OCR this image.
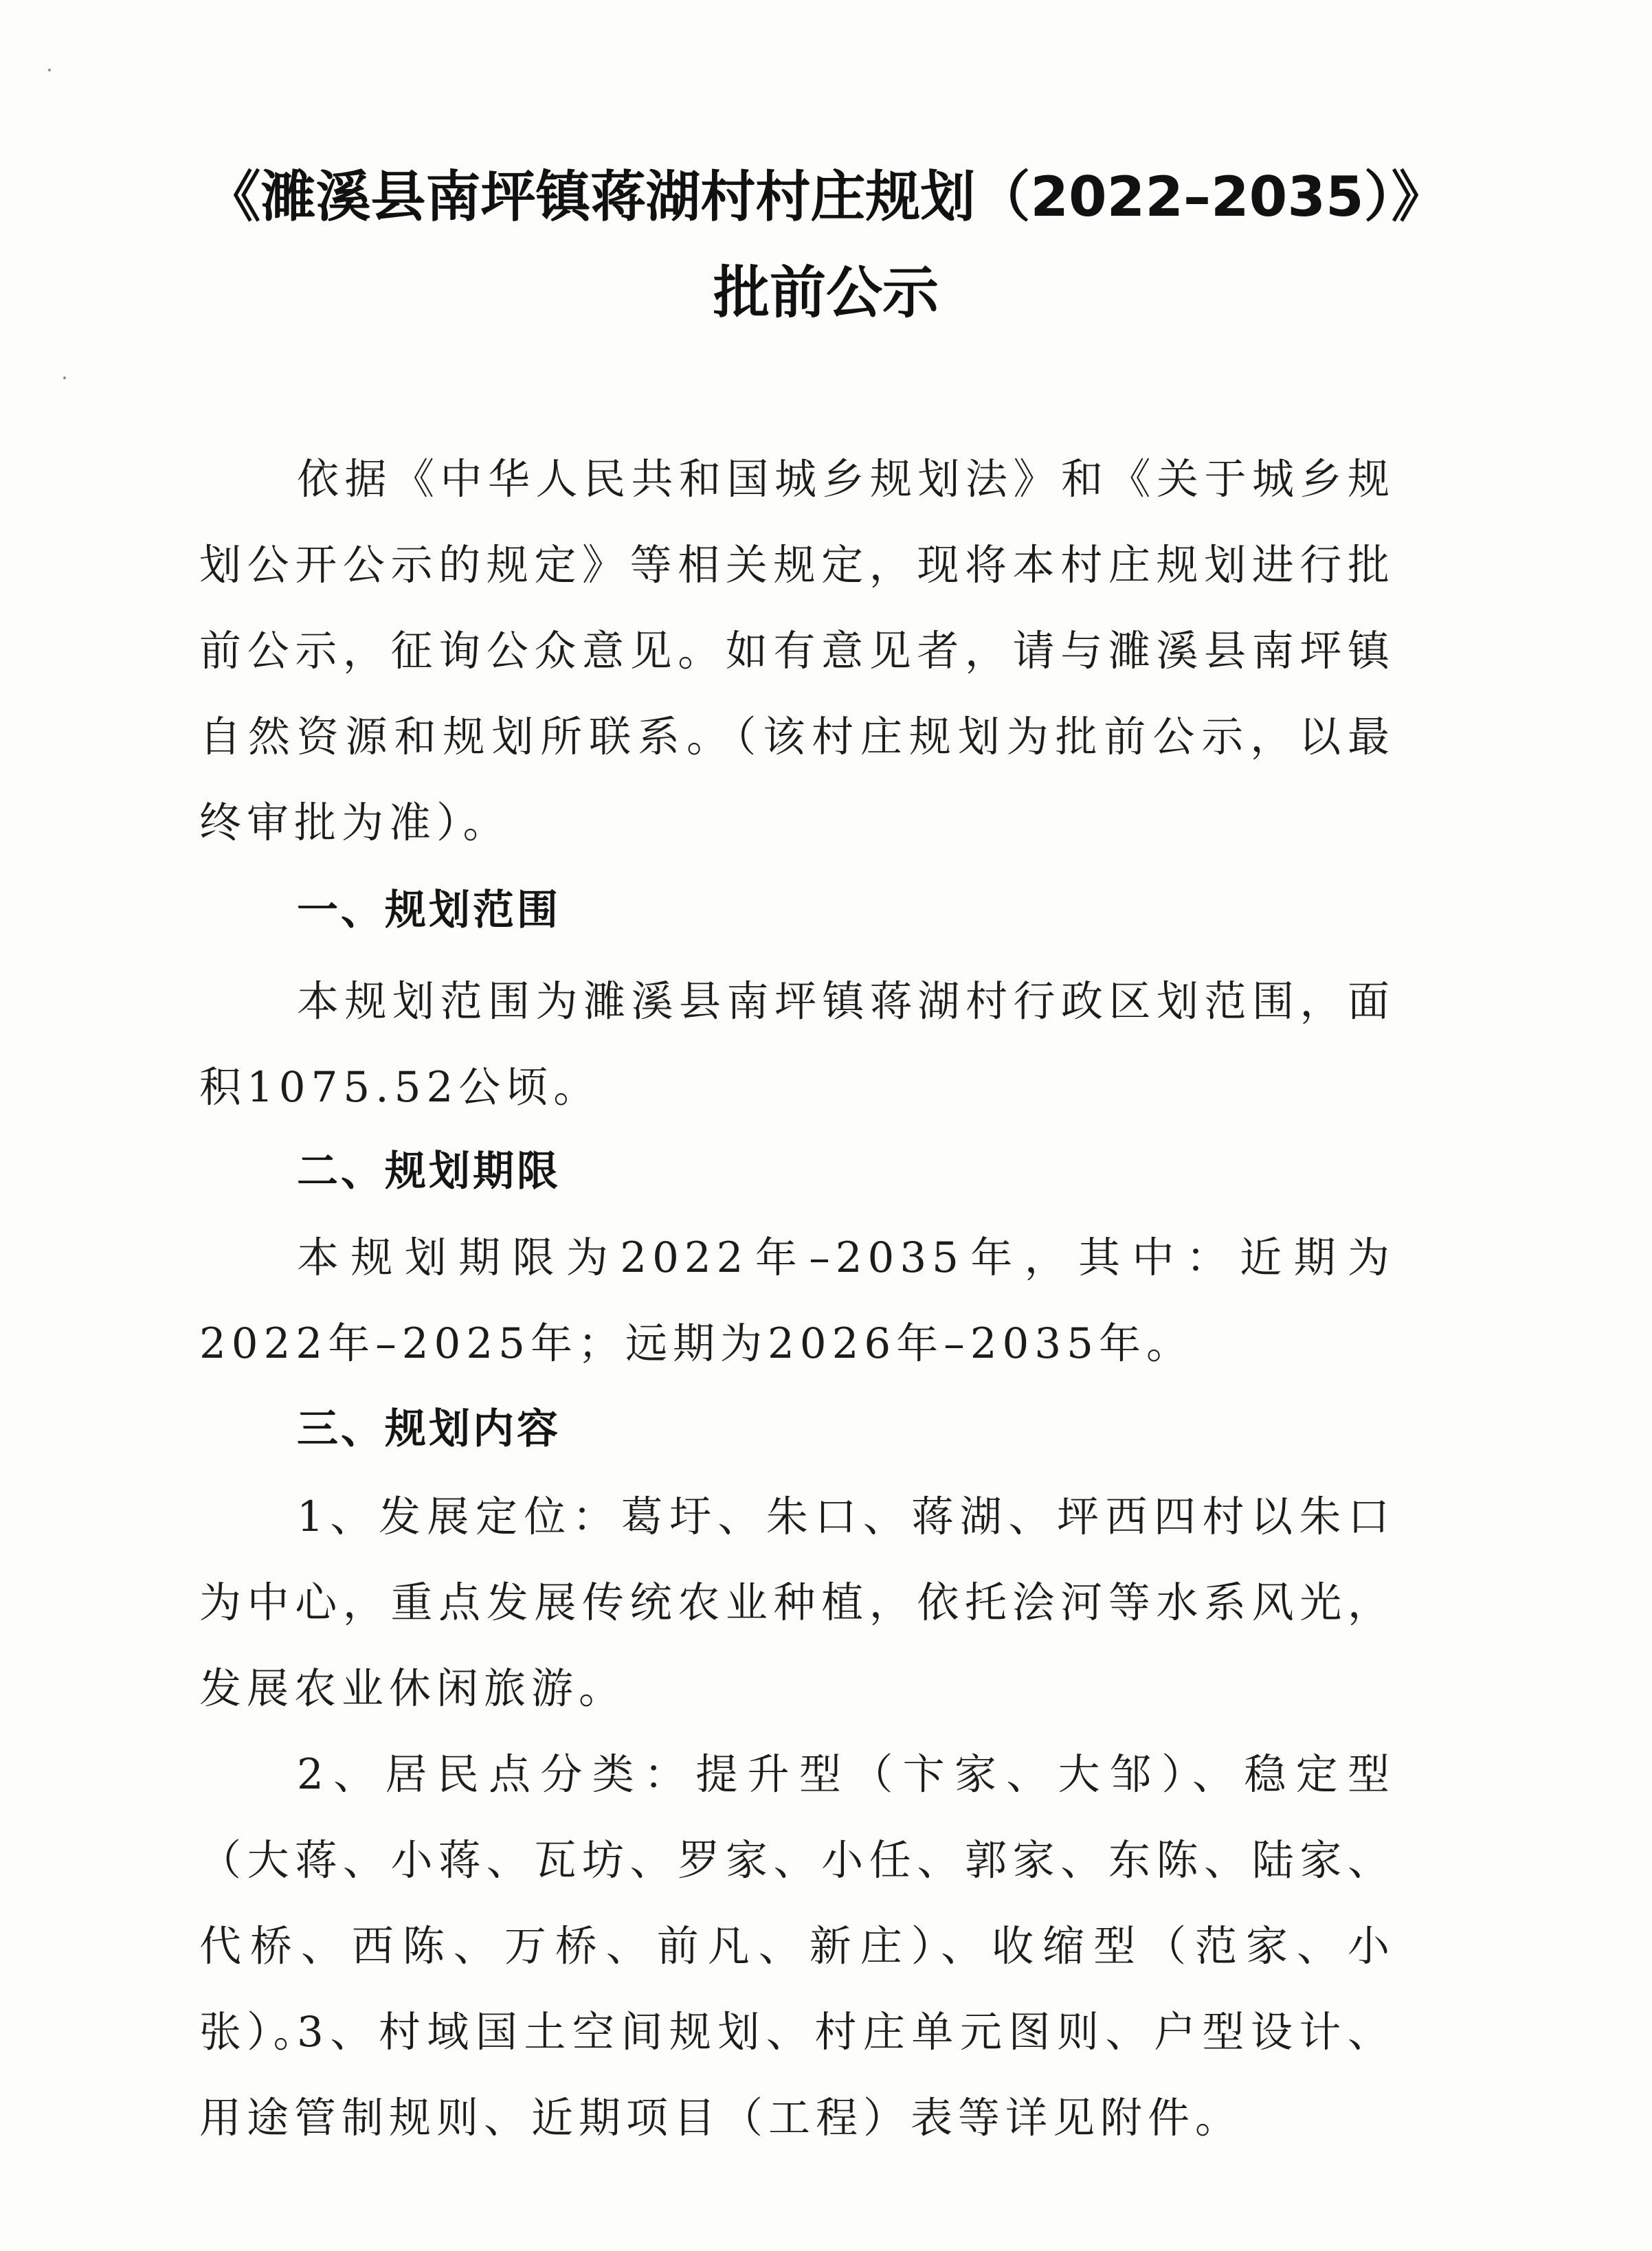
《濉溪县南坪镇蒋湖村村庄规划（2022–2035）》
批前公示

依据《中华人民共和国城乡规划法》和《关于城乡规划公开公示的规定》等相关规定，现将本村庄规划进行批前公示，征询公众意见。如有意见者，请与濉溪县南坪镇自然资源和规划所联系。（该村庄规划为批前公示，以最终审批为准）。

一、规划范围

本规划范围为濉溪县南坪镇蒋湖村行政区划范围，面积1075.52公顷。

二、规划期限

本规划期限为2022年–2035年，其中：近期为2022年–2025年；远期为2026年–2035年。

三、规划内容

1、发展定位：葛圩、朱口、蒋湖、坪西四村以朱口为中心，重点发展传统农业种植，依托浍河等水系风光，发展农业休闲旅游。

2、居民点分类：提升型（卞家、大邹）、稳定型（大蒋、小蒋、瓦坊、罗家、小任、郭家、东陈、陆家、代桥、西陈、万桥、前凡、新庄）、收缩型（范家、小张）。

3、村域国土空间规划、村庄单元图则、户型设计、用途管制规则、近期项目（工程）表等详见附件。
